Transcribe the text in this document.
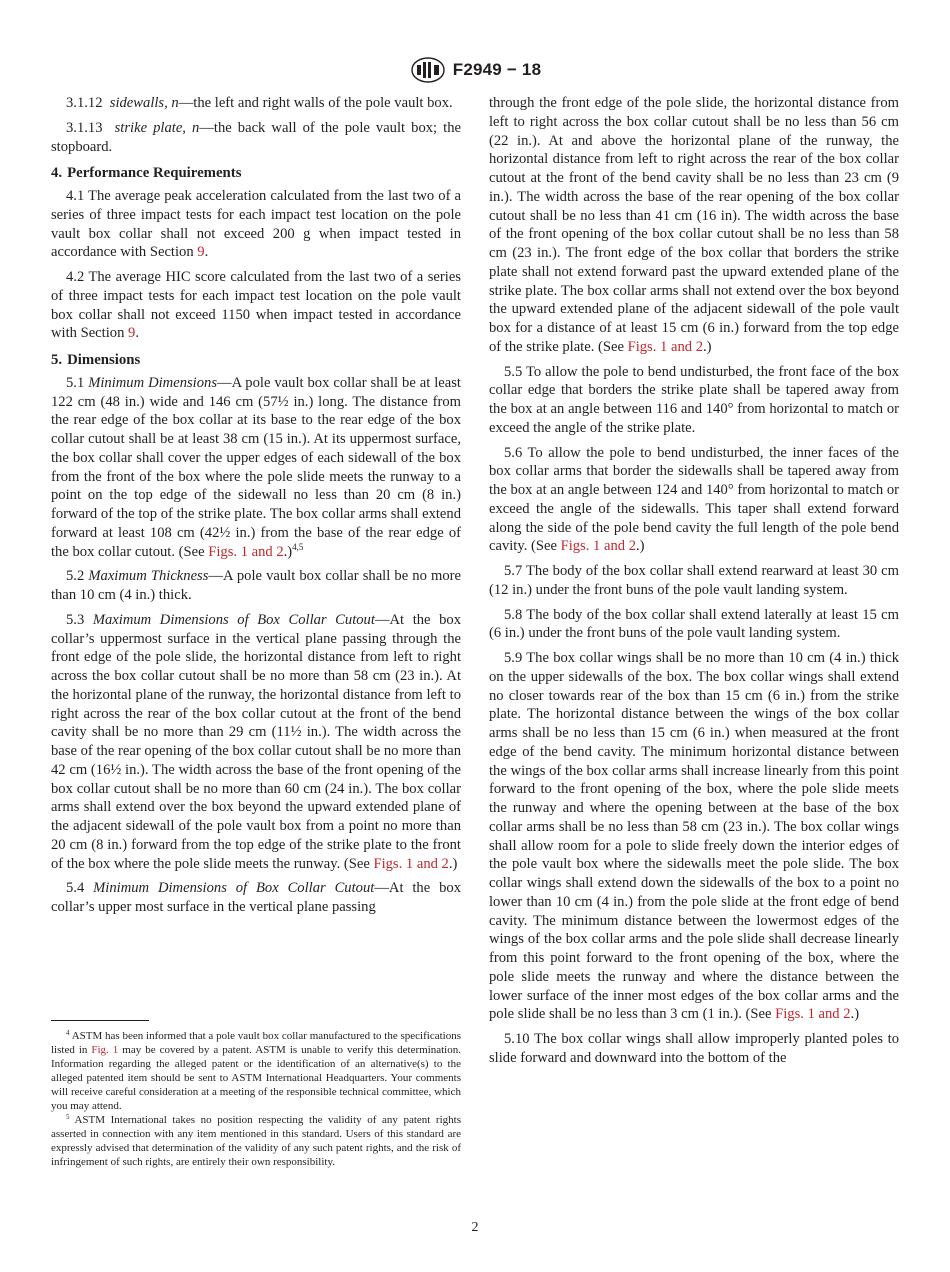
F2949 − 18

3.1.12 sidewalls, n—the left and right walls of the pole vault box.

3.1.13 strike plate, n—the back wall of the pole vault box; the stopboard.

4. Performance Requirements

4.1 The average peak acceleration calculated from the last two of a series of three impact tests for each impact test location on the pole vault box collar shall not exceed 200 g when impact tested in accordance with Section 9.

4.2 The average HIC score calculated from the last two of a series of three impact tests for each impact test location on the pole vault box collar shall not exceed 1150 when impact tested in accordance with Section 9.

5. Dimensions

5.1 Minimum Dimensions—A pole vault box collar shall be at least 122 cm (48 in.) wide and 146 cm (57½ in.) long. The distance from the rear edge of the box collar at its base to the rear edge of the box collar cutout shall be at least 38 cm (15 in.). At its uppermost surface, the box collar shall cover the upper edges of each sidewall of the box from the front of the box where the pole slide meets the runway to a point on the top edge of the sidewall no less than 20 cm (8 in.) forward of the top of the strike plate. The box collar arms shall extend forward at least 108 cm (42½ in.) from the base of the rear edge of the box collar cutout. (See Figs. 1 and 2.)$^{4,5}$

5.2 Maximum Thickness—A pole vault box collar shall be no more than 10 cm (4 in.) thick.

5.3 Maximum Dimensions of Box Collar Cutout—At the box collar’s uppermost surface in the vertical plane passing through the front edge of the pole slide, the horizontal distance from left to right across the box collar cutout shall be no more than 58 cm (23 in.). At the horizontal plane of the runway, the horizontal distance from left to right across the rear of the box collar cutout at the front of the bend cavity shall be no more than 29 cm (11½ in.). The width across the base of the rear opening of the box collar cutout shall be no more than 42 cm (16½ in.). The width across the base of the front opening of the box collar cutout shall be no more than 60 cm (24 in.). The box collar arms shall extend over the box beyond the upward extended plane of the adjacent sidewall of the pole vault box from a point no more than 20 cm (8 in.) forward from the top edge of the strike plate to the front of the box where the pole slide meets the runway. (See Figs. 1 and 2.)

5.4 Minimum Dimensions of Box Collar Cutout—At the box collar’s upper most surface in the vertical plane passing

$^4$ ASTM has been informed that a pole vault box collar manufactured to the specifications listed in Fig. 1 may be covered by a patent. ASTM is unable to verify this determination. Information regarding the alleged patent or the identification of an alternative(s) to the alleged patented item should be sent to ASTM International Headquarters. Your comments will receive careful consideration at a meeting of the responsible technical committee, which you may attend.

$^5$ ASTM International takes no position respecting the validity of any patent rights asserted in connection with any item mentioned in this standard. Users of this standard are expressly advised that determination of the validity of any such patent rights, and the risk of infringement of such rights, are entirely their own responsibility.

through the front edge of the pole slide, the horizontal distance from left to right across the box collar cutout shall be no less than 56 cm (22 in.). At and above the horizontal plane of the runway, the horizontal distance from left to right across the rear of the box collar cutout at the front of the bend cavity shall be no less than 23 cm (9 in.). The width across the base of the rear opening of the box collar cutout shall be no less than 41 cm (16 in). The width across the base of the front opening of the box collar cutout shall be no less than 58 cm (23 in.). The front edge of the box collar that borders the strike plate shall not extend forward past the upward extended plane of the strike plate. The box collar arms shall not extend over the box beyond the upward extended plane of the adjacent sidewall of the pole vault box for a distance of at least 15 cm (6 in.) forward from the top edge of the strike plate. (See Figs. 1 and 2.)

5.5 To allow the pole to bend undisturbed, the front face of the box collar edge that borders the strike plate shall be tapered away from the box at an angle between 116 and 140° from horizontal to match or exceed the angle of the strike plate.

5.6 To allow the pole to bend undisturbed, the inner faces of the box collar arms that border the sidewalls shall be tapered away from the box at an angle between 124 and 140° from horizontal to match or exceed the angle of the sidewalls. This taper shall extend forward along the side of the pole bend cavity the full length of the pole bend cavity. (See Figs. 1 and 2.)

5.7 The body of the box collar shall extend rearward at least 30 cm (12 in.) under the front buns of the pole vault landing system.

5.8 The body of the box collar shall extend laterally at least 15 cm (6 in.) under the front buns of the pole vault landing system.

5.9 The box collar wings shall be no more than 10 cm (4 in.) thick on the upper sidewalls of the box. The box collar wings shall extend no closer towards rear of the box than 15 cm (6 in.) from the strike plate. The horizontal distance between the wings of the box collar arms shall be no less than 15 cm (6 in.) when measured at the front edge of the bend cavity. The minimum horizontal distance between the wings of the box collar arms shall increase linearly from this point forward to the front opening of the box, where the pole slide meets the runway and where the opening between at the base of the box collar arms shall be no less than 58 cm (23 in.). The box collar wings shall allow room for a pole to slide freely down the interior edges of the pole vault box where the sidewalls meet the pole slide. The box collar wings shall extend down the sidewalls of the box to a point no lower than 10 cm (4 in.) from the pole slide at the front edge of bend cavity. The minimum distance between the lowermost edges of the wings of the box collar arms and the pole slide shall decrease linearly from this point forward to the front opening of the box, where the pole slide meets the runway and where the distance between the lower surface of the inner most edges of the box collar arms and the pole slide shall be no less than 3 cm (1 in.). (See Figs. 1 and 2.)

5.10 The box collar wings shall allow improperly planted poles to slide forward and downward into the bottom of the

2
